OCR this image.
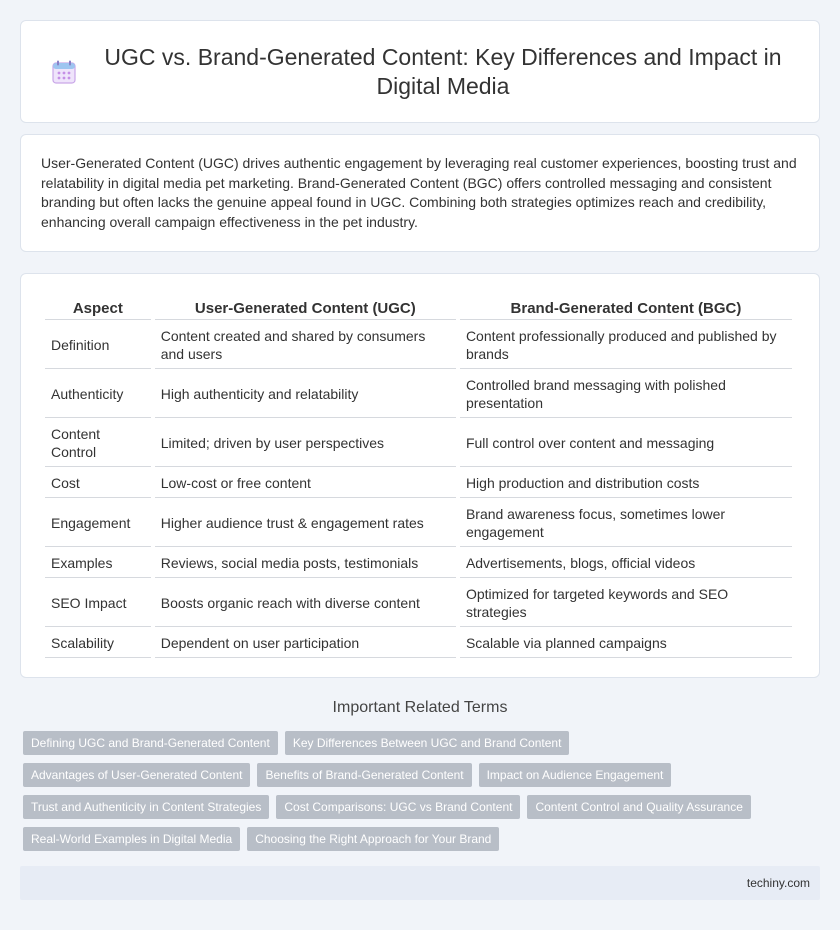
UGC vs. Brand-Generated Content: Key Differences and Impact in Digital Media

User-Generated Content (UGC) drives authentic engagement by leveraging real customer experiences, boosting trust and relatability in digital media pet marketing. Brand-Generated Content (BGC) offers controlled messaging and consistent branding but often lacks the genuine appeal found in UGC. Combining both strategies optimizes reach and credibility, enhancing overall campaign effectiveness in the pet industry.

Aspect	User-Generated Content (UGC)	Brand-Generated Content (BGC)
Definition	Content created and shared by consumers and users	Content professionally produced and published by brands
Authenticity	High authenticity and relatability	Controlled brand messaging with polished presentation
Content Control	Limited; driven by user perspectives	Full control over content and messaging
Cost	Low-cost or free content	High production and distribution costs
Engagement	Higher audience trust & engagement rates	Brand awareness focus, sometimes lower engagement
Examples	Reviews, social media posts, testimonials	Advertisements, blogs, official videos
SEO Impact	Boosts organic reach with diverse content	Optimized for targeted keywords and SEO strategies
Scalability	Dependent on user participation	Scalable via planned campaigns
Important Related Terms
Defining UGC and Brand-Generated Content	Key Differences Between UGC and Brand Content
Advantages of User-Generated Content	Benefits of Brand-Generated Content	Impact on Audience Engagement
Trust and Authenticity in Content Strategies	Cost Comparisons: UGC vs Brand Content	Content Control and Quality Assurance
Real-World Examples in Digital Media	Choosing the Right Approach for Your Brand
techiny.com
